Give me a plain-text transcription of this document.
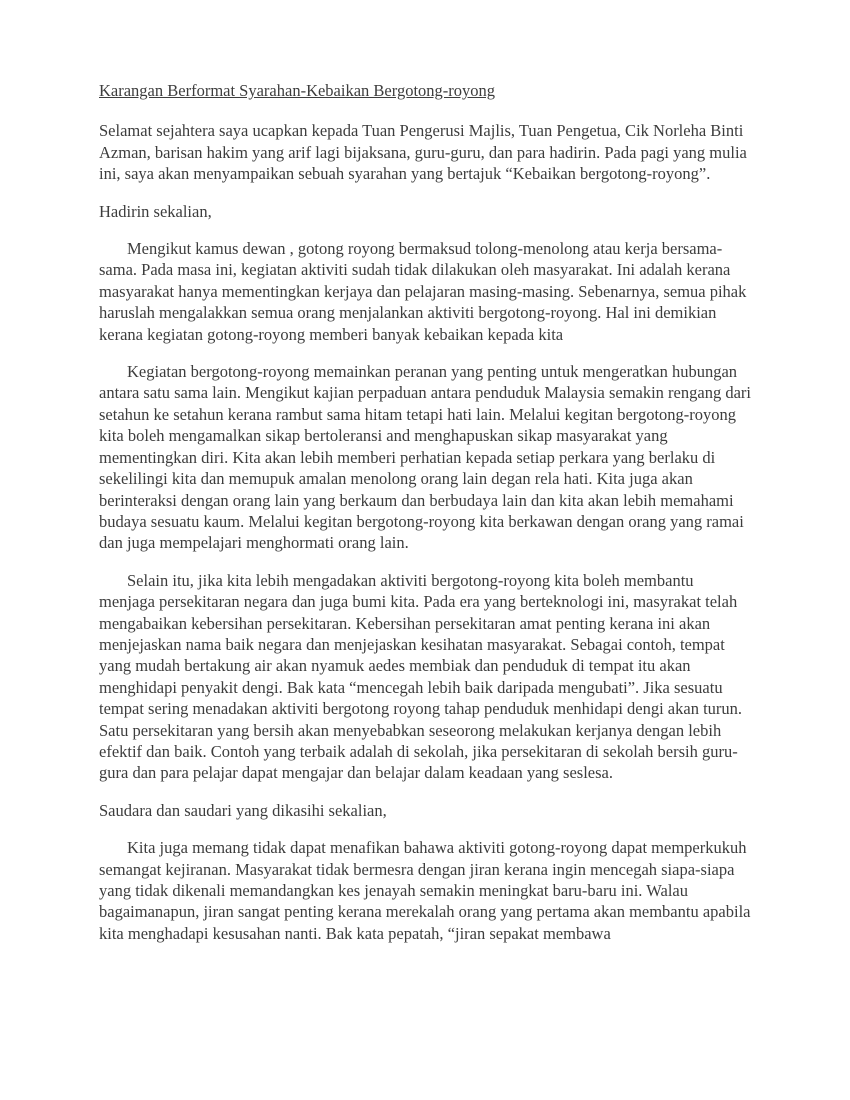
Karangan Berformat Syarahan-Kebaikan Bergotong-royong

Selamat sejahtera saya ucapkan kepada Tuan Pengerusi Majlis, Tuan Pengetua, Cik Norleha Binti Azman, barisan hakim yang arif lagi bijaksana, guru-guru, dan para hadirin. Pada pagi yang mulia ini, saya akan menyampaikan sebuah syarahan yang bertajuk “Kebaikan bergotong-royong”.

Hadirin sekalian,

Mengikut kamus dewan , gotong royong bermaksud tolong-menolong atau kerja bersama-sama. Pada masa ini, kegiatan aktiviti sudah tidak dilakukan oleh masyarakat. Ini adalah kerana masyarakat hanya mementingkan kerjaya dan pelajaran masing-masing. Sebenarnya, semua pihak haruslah mengalakkan semua orang menjalankan aktiviti bergotong-royong. Hal ini demikian kerana kegiatan gotong-royong memberi banyak kebaikan kepada kita

Kegiatan bergotong-royong memainkan peranan yang penting untuk mengeratkan hubungan antara satu sama lain. Mengikut kajian perpaduan antara penduduk Malaysia semakin rengang dari setahun ke setahun kerana rambut sama hitam tetapi hati lain. Melalui kegitan bergotong-royong kita boleh mengamalkan sikap bertoleransi and menghapuskan sikap masyarakat yang mementingkan diri. Kita akan lebih memberi perhatian kepada setiap perkara yang berlaku di sekelilingi kita dan memupuk amalan menolong orang lain degan rela hati. Kita juga akan berinteraksi dengan orang lain yang berkaum dan berbudaya lain dan kita akan lebih memahami budaya sesuatu kaum. Melalui kegitan bergotong-royong kita berkawan dengan orang yang ramai dan juga mempelajari menghormati orang lain.

Selain itu, jika kita lebih mengadakan aktiviti bergotong-royong kita boleh membantu menjaga persekitaran negara dan juga bumi kita. Pada era yang berteknologi ini, masyrakat telah mengabaikan kebersihan persekitaran. Kebersihan persekitaran amat penting kerana ini akan menjejaskan nama baik negara dan menjejaskan kesihatan masyarakat. Sebagai contoh, tempat yang mudah bertakung air akan nyamuk aedes membiak dan penduduk di tempat itu akan menghidapi penyakit dengi. Bak kata “mencegah lebih baik daripada mengubati”. Jika sesuatu tempat sering menadakan aktiviti bergotong royong tahap penduduk menhidapi dengi akan turun. Satu persekitaran yang bersih akan menyebabkan seseorong melakukan kerjanya dengan lebih efektif dan baik. Contoh yang terbaik adalah di sekolah, jika persekitaran di sekolah bersih guru-gura dan para pelajar dapat mengajar dan belajar dalam keadaan yang seslesa.

Saudara dan saudari yang dikasihi sekalian,

Kita juga memang tidak dapat menafikan bahawa aktiviti gotong-royong dapat memperkukuh semangat kejiranan. Masyarakat tidak bermesra dengan jiran kerana ingin mencegah siapa-siapa yang tidak dikenali memandangkan kes jenayah semakin meningkat baru-baru ini. Walau bagaimanapun, jiran sangat penting kerana merekalah orang yang pertama akan membantu apabila kita menghadapi kesusahan nanti. Bak kata pepatah, “jiran sepakat membawa
